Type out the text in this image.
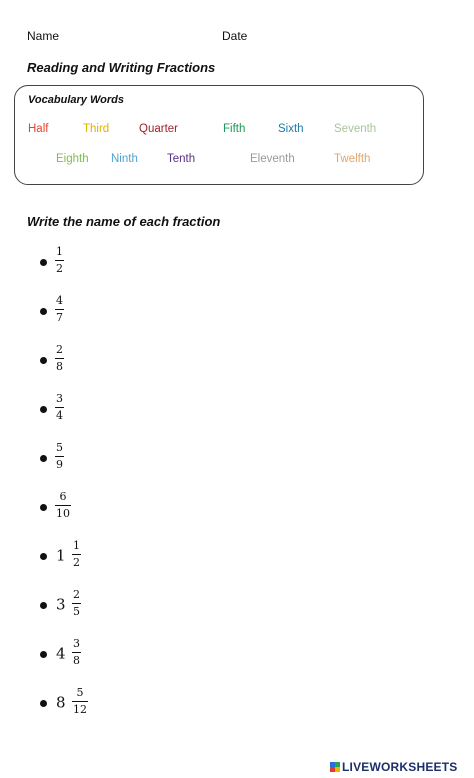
Name	Date
Reading and Writing Fractions
Vocabulary Words
Half	Third	Quarter	Fifth	Sixth	Seventh
Eighth Ninth	Tenth	Eleventh	Twelfth
Write the name of each fraction
1
2
4
7
2
8
3
4
5
9
6
10
1
1
2
3
2
5
4
3
8
8
5
12
LIVEWORKSHEETS
